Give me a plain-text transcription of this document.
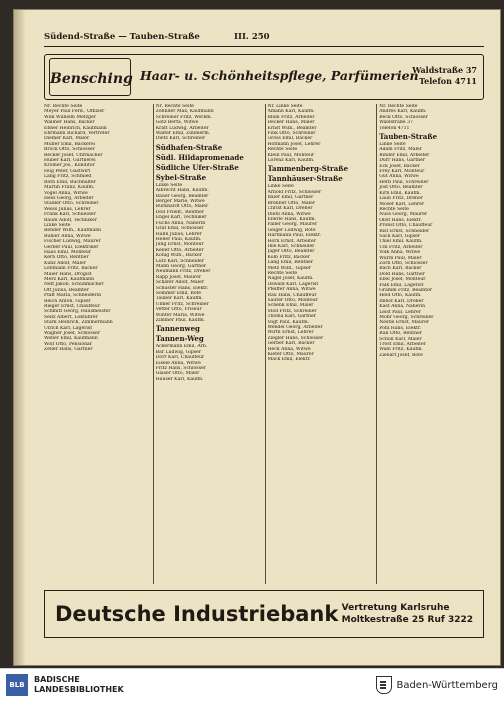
Südend-Straße — Tauben-Straße	III. 250
Bensching Haar- u. Schönheitspflege, Parfümerien
Waldstraße 37
Telefon 4711
Nr. Rechte Seite
Meyer Paul Ferd., Offizier
Wilk Wilhelm Metzger
Wallner Hans, Bäcker
Ebner Heinrich, Kaufmann
Ehrmann Richard, Vertreter
Diemer Karl, Maler
Müller Emil, Bäckerei
Brock Otto, Schlosser
Becker Josef, Uhrmacher
Huber Karl, Gärtnerei
Kromer Jos., Konditor
Hug Peter, Gastwirt
Lang Fritz, Schmied
Roth Emil, Buchhalter
Martin Franz, Kaufm.
Vogel Anna, Witwe
Hess Georg, Arbeiter
Stadler Otto, Schreiner
Weiss Julius, Lehrer
Frank Karl, Schneider
Baum Adolf, Techniker
Linke Seite
Bender Wilh., Kaufmann
Bühler Anna, Witwe
Fischer Ludwig, Maurer
Gerber Paul, Elektriker
Haas Emil, Monteur
Kern Otto, Rentner
Kunz Adolf, Maler
Lehmann Fritz, Bäcker
Maier Hans, Drogist
Merz Karl, Kaufmann
Neff Jakob, Schuhmacher
Ott Julius, Beamter
Pfaff Maria, Schneiderin
Reich Anton, Gipser
Rieger Ernst, Chauffeur
Schmitt Georg, Hausmeister
Seitz Albert, Lokführer
Stark Heinrich, Zimmermann
Ulrich Karl, Lagerist
Wagner Josef, Schlosser
Weber Emil, Kaufmann
Wolf Otto, Pensionär
Zeller Hans, Gärtner
Nr. Rechte Seite
Zehnder Max, Kaufmann
Schreiner Fritz, Werkm.
Götz Berta, Witwe
Kraft Ludwig, Arbeiter
Walter Emil, Zimmerm.
Dietz Karl, Schreiner
Südhafen-Straße
Südl. Hildapromenade
Südliche Ufer-Straße
Sybel-Straße
Linke Seite
Albrecht Hans, Kaufm.
Bauer Georg, Beamter
Berger Marie, Witwe
Burkhardt Otto, Maler
Doll Friedr., Rentner
Engel Karl, Techniker
Fuchs Anna, Näherin
Graf Emil, Schlosser
Hahn Julius, Lehrer
Heller Paul, Kaufm.
Jung Ernst, Monteur
Keller Otto, Arbeiter
König Wilh., Bäcker
Lutz Karl, Schneider
Mann Georg, Gärtner
Neumann Fritz, Dreher
Rapp Josef, Maurer
Schäfer Adolf, Maler
Schuster Hans, Elektr.
Sommer Emil, Bote
Tauber Karl, Kaufm.
Ulmer Fritz, Schreiner
Vetter Otto, Friseur
Winter Maria, Witwe
Zimmer Paul, Kaufm.
Tannenweg
Tannen-Weg
Ackermann Emil, Arb.
Bär Ludwig, Gipser
Dörr Karl, Chauffeur
Eisele Anna, Witwe
Fritz Hans, Schlosser
Glaser Otto, Maler
Hauser Karl, Kaufm.
Nr. Linke Seite
Amann Karl, Kaufm.
Blum Fritz, Arbeiter
Decker Hans, Maler
Ernst Wilh., Beamter
Fink Otto, Schreiner
Gross Emil, Bäcker
Hofmann Josef, Lehrer
Rechte Seite
Klein Paul, Monteur
Lorenz Karl, Kaufm.
Tammenberg-Straße
Tannhäuser-Straße
Linke Seite
Arnold Fritz, Schlosser
Baier Emil, Gärtner
Brenner Otto, Maler
Christ Karl, Dreher
Diehl Anna, Witwe
Eberle Hans, Kaufm.
Faller Georg, Maurer
Geiger Ludwig, Bote
Hartmann Paul, Elektr.
Horn Ernst, Arbeiter
Ihle Karl, Schneider
Jäger Otto, Beamter
Kolb Fritz, Bäcker
Lang Emil, Rentner
Metz Wilh., Gipser
Rechte Seite
Nagel Josef, Kaufm.
Oswald Karl, Lagerist
Pfeiffer Anna, Witwe
Rau Hans, Chauffeur
Sauter Otto, Monteur
Schenk Emil, Maler
Stoll Fritz, Schreiner
Thoma Karl, Gärtner
Vogt Paul, Kaufm.
Wendel Georg, Arbeiter
Wirth Ernst, Lehrer
Ziegler Hans, Schlosser
Gerber Karl, Bäcker
Heck Anna, Witwe
Kiefer Otto, Maurer
Mack Emil, Elektr.
Nr. Rechte Seite
Andres Karl, Kaufm.
Beck Otto, Schlosser
Waldstraße 37
Telefon 4711
Tauben-Straße
Linke Seite
Adam Fritz, Maler
Binder Emil, Arbeiter
Dürr Hans, Gärtner
Eck Josef, Bäcker
Frey Karl, Monteur
Gut Anna, Witwe
Herb Paul, Schreiner
Jost Otto, Beamter
Kirn Emil, Kaufm.
Laub Fritz, Dreher
Moser Karl, Lehrer
Rechte Seite
Nuss Georg, Maurer
Obst Hans, Elektr.
Probst Otto, Chauffeur
Rist Ernst, Schneider
Sack Karl, Gipser
Thiel Emil, Kaufm.
Uhl Fritz, Arbeiter
Volk Anna, Witwe
Wurm Paul, Maler
Zorn Otto, Schlosser
Bach Karl, Bäcker
Dold Hans, Gärtner
Ebel Josef, Monteur
Falk Emil, Lagerist
Gramm Fritz, Beamter
Held Otto, Kaufm.
Imhof Karl, Dreher
Kast Anna, Näherin
Leist Paul, Lehrer
Mohr Georg, Schreiner
Nestle Ernst, Maurer
Pohl Hans, Elektr.
Rall Otto, Rentner
Scholl Karl, Maler
Trost Emil, Arbeiter
Wahl Fritz, Kaufm.
Ziebart Josef, Bote
Deutsche Industriebank Vertretung Karlsruhe
Moltkestraße 25 Ruf 3222
BLB
BADISCHE
LANDESBIBLIOTHEK	Baden-Württemberg
